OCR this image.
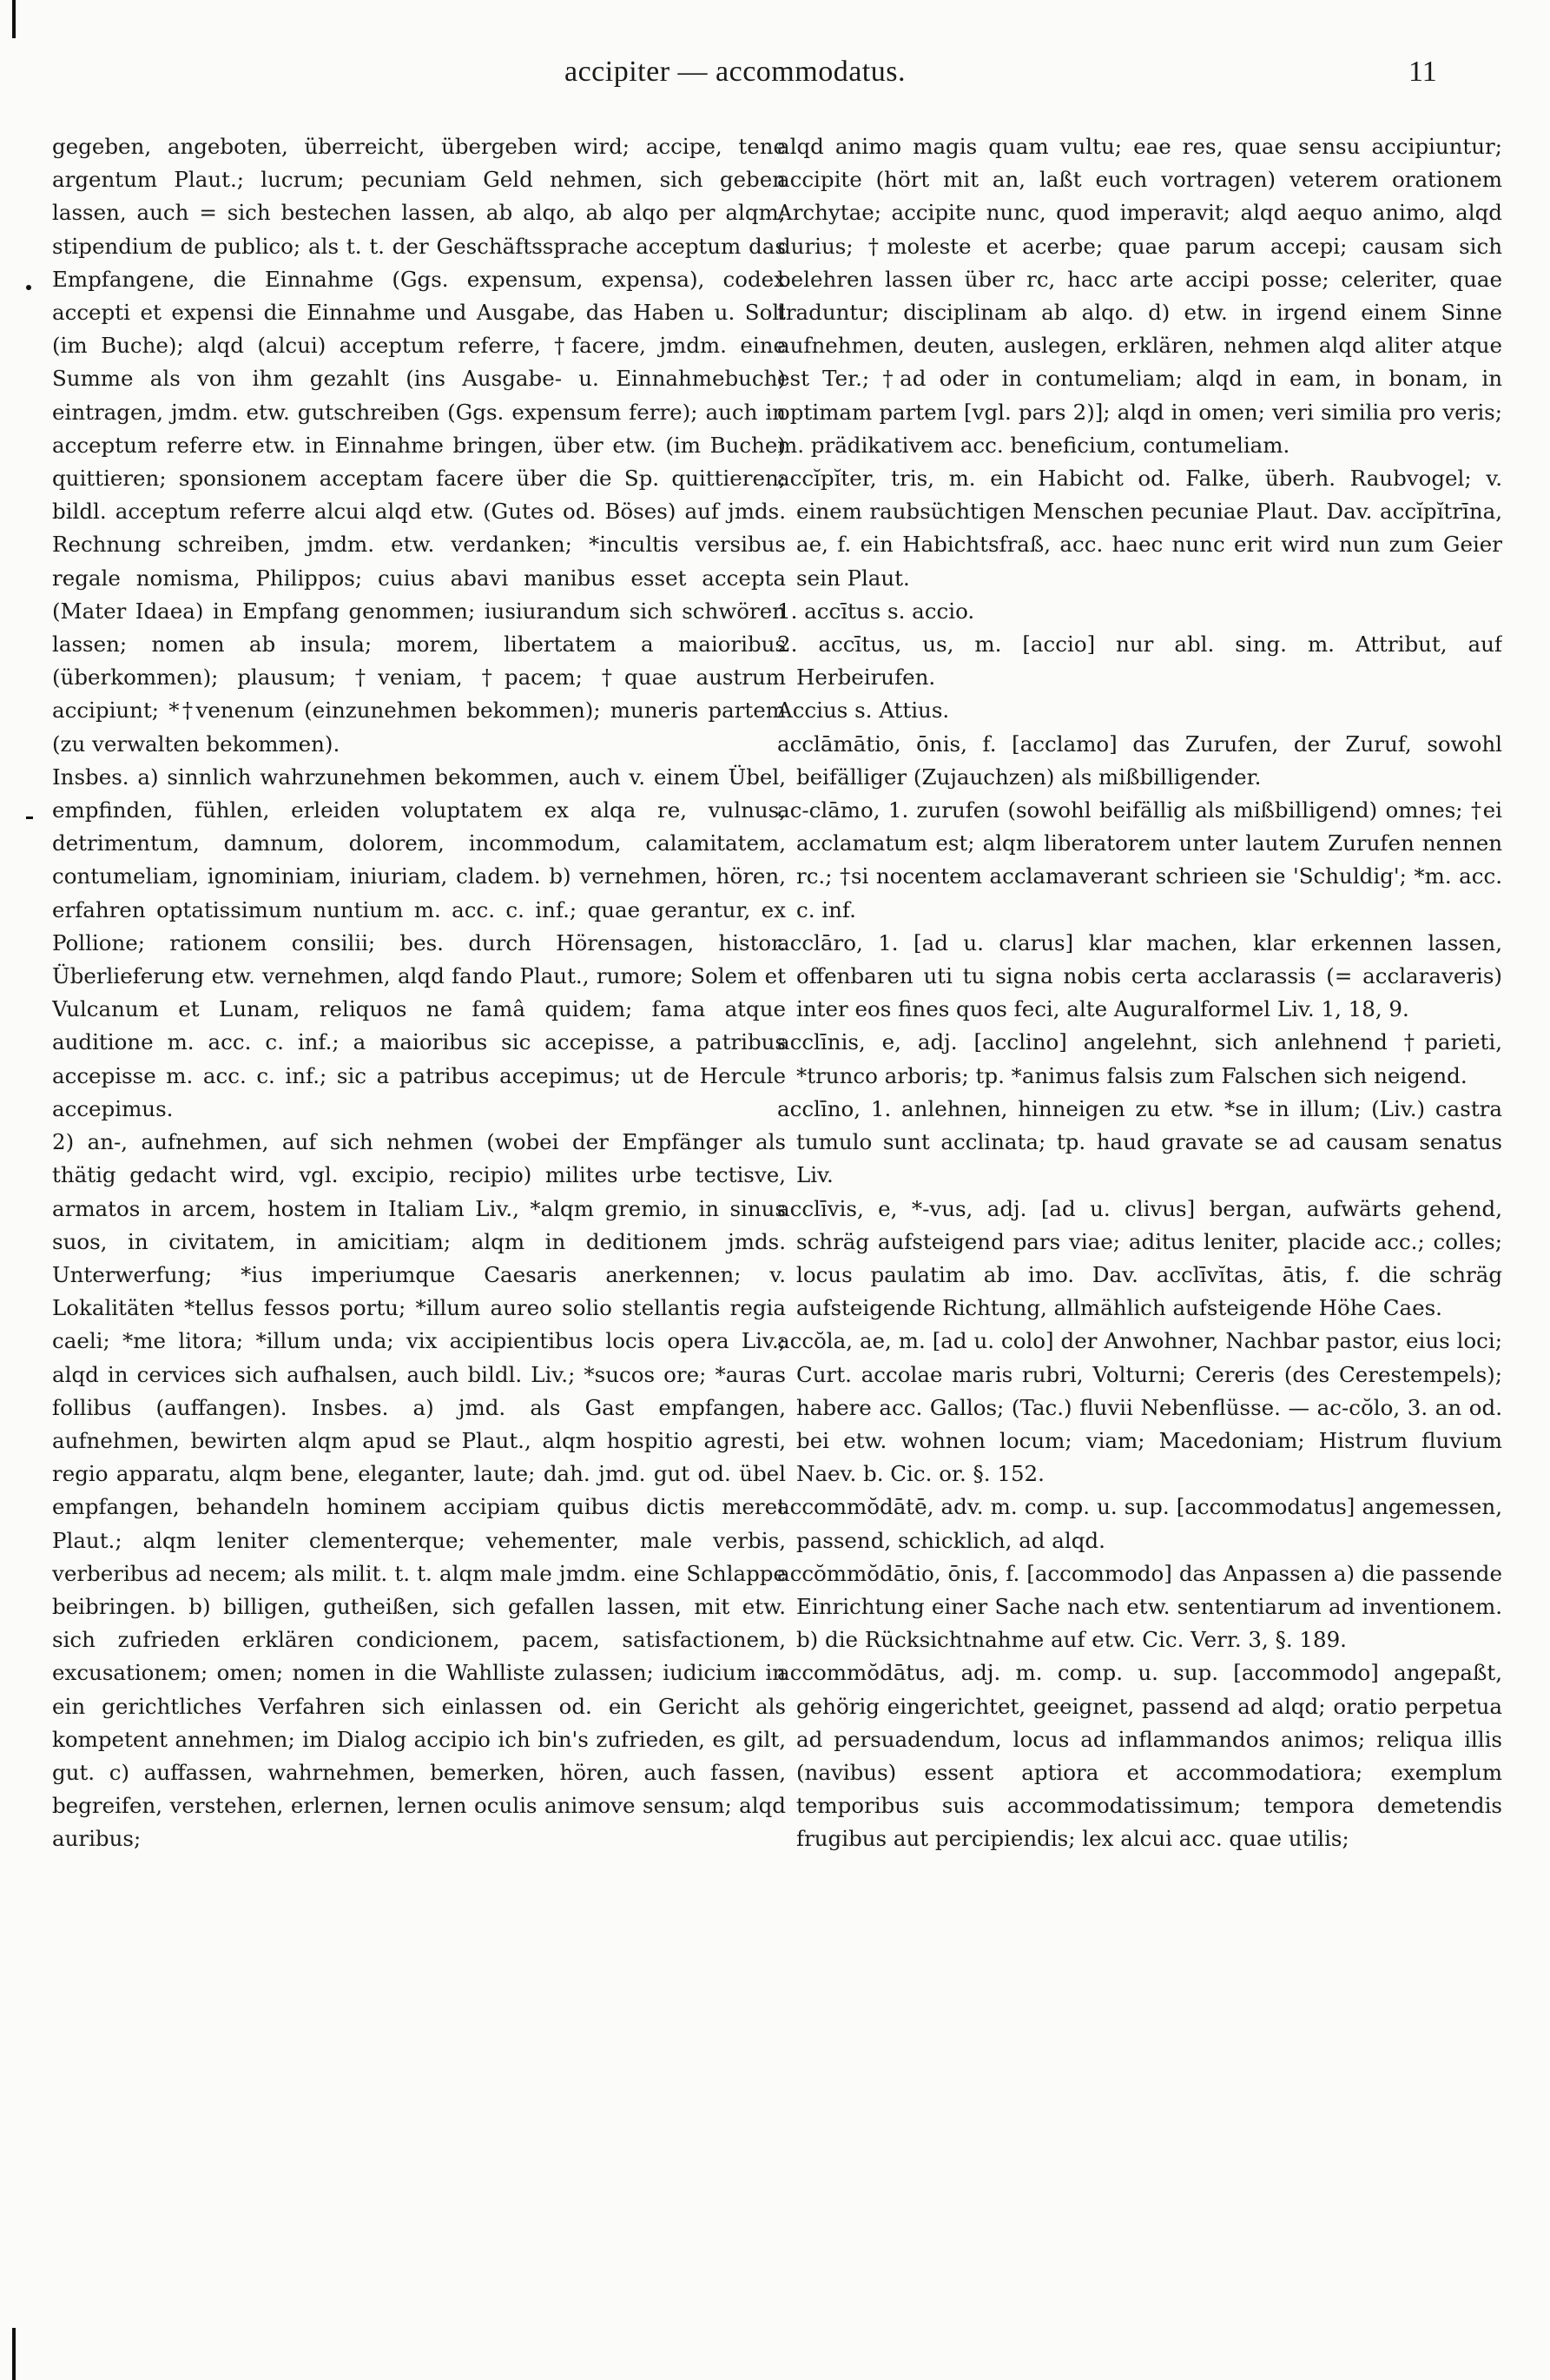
accipiter — accommodatus.	11

gegeben, angeboten, überreicht, übergeben wird; accipe, tene argentum Plaut.; lucrum; pecuniam Geld nehmen, sich geben lassen, auch = sich bestechen lassen, ab alqo, ab alqo per alqm; stipendium de publico; als t. t. der Geschäftssprache acceptum das Empfangene, die Einnahme (Ggs. expensum, expensa), codex accepti et expensi die Einnahme und Ausgabe, das Haben u. Soll (im Buche); alqd (alcui) acceptum referre, †facere, jmdm. eine Summe als von ihm gezahlt (ins Ausgabe- u. Einnahmebuch) eintragen, jmdm. etw. gutschreiben (Ggs. expensum ferre); auch in acceptum referre etw. in Einnahme bringen, über etw. (im Buche) quittieren; sponsionem acceptam facere über die Sp. quittieren; bildl. acceptum referre alcui alqd etw. (Gutes od. Böses) auf jmds. Rechnung schreiben, jmdm. etw. verdanken; *incultis versibus regale nomisma, Philippos; cuius abavi manibus esset accepta (Mater Idaea) in Empfang genommen; iusiurandum sich schwören lassen; nomen ab insula; morem, libertatem a maioribus (überkommen); plausum; †veniam, †pacem; †quae austrum accipiunt; *†venenum (einzunehmen bekommen); muneris partem (zu verwalten bekommen).

Insbes. a) sinnlich wahrzunehmen bekommen, auch v. einem Übel, empfinden, fühlen, erleiden voluptatem ex alqa re, vulnus, detrimentum, damnum, dolorem, incommodum, calamitatem, contumeliam, ignominiam, iniuriam, cladem. b) vernehmen, hören, erfahren optatissimum nuntium m. acc. c. inf.; quae gerantur, ex Pollione; rationem consilii; bes. durch Hörensagen, histor. Überlieferung etw. vernehmen, alqd fando Plaut., rumore; Solem et Vulcanum et Lunam, reliquos ne famâ quidem; fama atque auditione m. acc. c. inf.; a maioribus sic accepisse, a patribus accepisse m. acc. c. inf.; sic a patribus accepimus; ut de Hercule accepimus.

2) an-, aufnehmen, auf sich nehmen (wobei der Empfänger als thätig gedacht wird, vgl. excipio, recipio) milites urbe tectisve, armatos in arcem, hostem in Italiam Liv., *alqm gremio, in sinus suos, in civitatem, in amicitiam; alqm in deditionem jmds. Unterwerfung; *ius imperiumque Caesaris anerkennen; v. Lokalitäten *tellus fessos portu; *illum aureo solio stellantis regia caeli; *me litora; *illum unda; vix accipientibus locis opera Liv.; alqd in cervices sich aufhalsen, auch bildl. Liv.; *sucos ore; *auras follibus (auffangen). Insbes. a) jmd. als Gast empfangen, aufnehmen, bewirten alqm apud se Plaut., alqm hospitio agresti, regio apparatu, alqm bene, eleganter, laute; dah. jmd. gut od. übel empfangen, behandeln hominem accipiam quibus dictis meret Plaut.; alqm leniter clementerque; vehementer, male verbis, verberibus ad necem; als milit. t. t. alqm male jmdm. eine Schlappe beibringen. b) billigen, gutheißen, sich gefallen lassen, mit etw. sich zufrieden erklären condicionem, pacem, satisfactionem, excusationem; omen; nomen in die Wahlliste zulassen; iudicium in ein gerichtliches Verfahren sich einlassen od. ein Gericht als kompetent annehmen; im Dialog accipio ich bin's zufrieden, es gilt, gut. c) auffassen, wahrnehmen, bemerken, hören, auch fassen, begreifen, verstehen, erlernen, lernen oculis animove sensum; alqd auribus;

alqd animo magis quam vultu; eae res, quae sensu accipiuntur; accipite (hört mit an, laßt euch vortragen) veterem orationem Archytae; accipite nunc, quod imperavit; alqd aequo animo, alqd durius; †moleste et acerbe; quae parum accepi; causam sich belehren lassen über rc, hacc arte accipi posse; celeriter, quae traduntur; disciplinam ab alqo. d) etw. in irgend einem Sinne aufnehmen, deuten, auslegen, erklären, nehmen alqd aliter atque est Ter.; †ad oder in contumeliam; alqd in eam, in bonam, in optimam partem [vgl. pars 2)]; alqd in omen; veri similia pro veris; m. prädikativem acc. beneficium, contumeliam.

accĭpĭter, tris, m. ein Habicht od. Falke, überh. Raubvogel; v. einem raubsüchtigen Menschen pecuniae Plaut. Dav. accĭpĭtrīna, ae, f. ein Habichtsfraß, acc. haec nunc erit wird nun zum Geier sein Plaut.

1. accītus s. accio.

2. accītus, us, m. [accio] nur abl. sing. m. Attribut, auf Herbeirufen.

Accius s. Attius.

acclāmātio, ōnis, f. [acclamo] das Zurufen, der Zuruf, sowohl beifälliger (Zujauchzen) als mißbilligender.

ac-clāmo, 1. zurufen (sowohl beifällig als mißbilligend) omnes; †ei acclamatum est; alqm liberatorem unter lautem Zurufen nennen rc.; †si nocentem acclamaverant schrieen sie 'Schuldig'; *m. acc. c. inf.

acclāro, 1. [ad u. clarus] klar machen, klar erkennen lassen, offenbaren uti tu signa nobis certa acclarassis (= acclaraveris) inter eos fines quos feci, alte Auguralformel Liv. 1, 18, 9.

acclīnis, e, adj. [acclino] angelehnt, sich anlehnend †parieti, *trunco arboris; tp. *animus falsis zum Falschen sich neigend.

acclīno, 1. anlehnen, hinneigen zu etw. *se in illum; (Liv.) castra tumulo sunt acclinata; tp. haud gravate se ad causam senatus Liv.

acclīvis, e, *-vus, adj. [ad u. clivus] bergan, aufwärts gehend, schräg aufsteigend pars viae; aditus leniter, placide acc.; colles; locus paulatim ab imo. Dav. acclīvĭtas, ātis, f. die schräg aufsteigende Richtung, allmählich aufsteigende Höhe Caes.

accŏla, ae, m. [ad u. colo] der Anwohner, Nachbar pastor, eius loci; Curt. accolae maris rubri, Volturni; Cereris (des Cerestempels); habere acc. Gallos; (Tac.) fluvii Nebenflüsse. — ac-cŏlo, 3. an od. bei etw. wohnen locum; viam; Macedoniam; Histrum fluvium Naev. b. Cic. or. §. 152.

accommŏdātē, adv. m. comp. u. sup. [accommodatus] angemessen, passend, schicklich, ad alqd.

accŏmmŏdātio, ōnis, f. [accommodo] das Anpassen a) die passende Einrichtung einer Sache nach etw. sententiarum ad inventionem. b) die Rücksichtnahme auf etw. Cic. Verr. 3, §. 189.

accommŏdātus, adj. m. comp. u. sup. [accommodo] angepaßt, gehörig eingerichtet, geeignet, passend ad alqd; oratio perpetua ad persuadendum, locus ad inflammandos animos; reliqua illis (navibus) essent aptiora et accommodatiora; exemplum temporibus suis accommodatissimum; tempora demetendis frugibus aut percipiendis; lex alcui acc. quae utilis;
